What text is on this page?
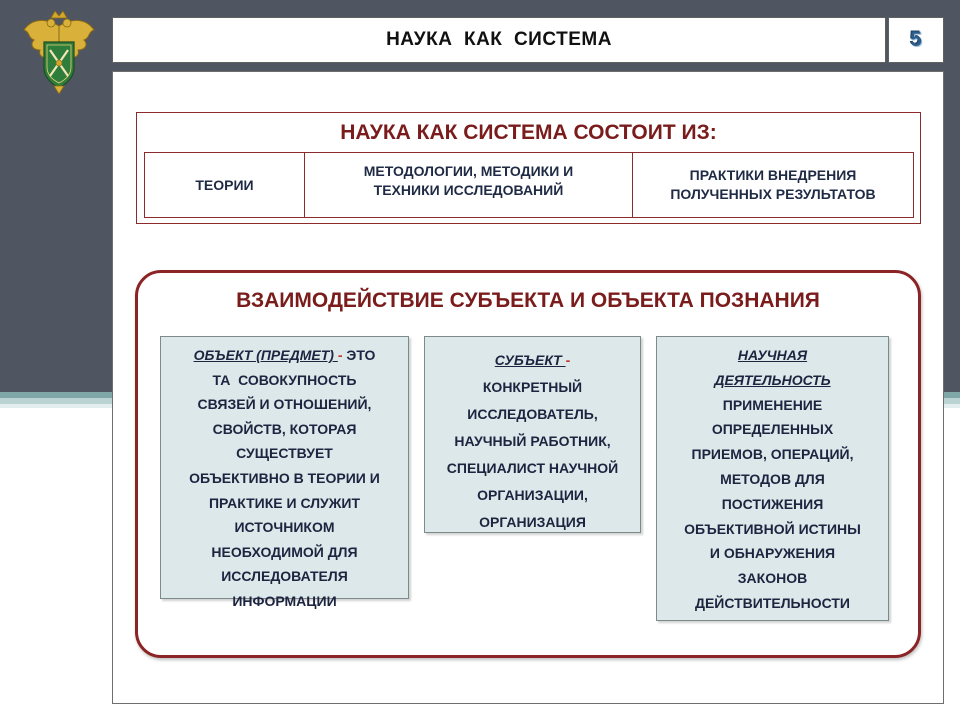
НАУКА  КАК  СИСТЕМА	5
НАУКА КАК СИСТЕМА СОСТОИТ ИЗ:
ТЕОРИИ
МЕТОДОЛОГИИ, МЕТОДИКИ И
ТЕХНИКИ ИССЛЕДОВАНИЙ
ПРАКТИКИ ВНЕДРЕНИЯ
ПОЛУЧЕННЫХ РЕЗУЛЬТАТОВ
ВЗАИМОДЕЙСТВИЕ СУБЪЕКТА И ОБЪЕКТА ПОЗНАНИЯ
ОБЪЕКТ (ПРЕДМЕТ) - ЭТО
ТА  СОВОКУПНОСТЬ
СВЯЗЕЙ И ОТНОШЕНИЙ,
СВОЙСТВ, КОТОРАЯ
СУЩЕСТВУЕТ
ОБЪЕКТИВНО В ТЕОРИИ И
ПРАКТИКЕ И СЛУЖИТ
ИСТОЧНИКОМ
НЕОБХОДИМОЙ ДЛЯ
ИССЛЕДОВАТЕЛЯ
ИНФОРМАЦИИ
СУБЪЕКТ -
КОНКРЕТНЫЙ
ИССЛЕДОВАТЕЛЬ,
НАУЧНЫЙ РАБОТНИК,
СПЕЦИАЛИСТ НАУЧНОЙ
ОРГАНИЗАЦИИ,
ОРГАНИЗАЦИЯ
НАУЧНАЯ
ДЕЯТЕЛЬНОСТЬ
ПРИМЕНЕНИЕ
ОПРЕДЕЛЕННЫХ
ПРИЕМОВ, ОПЕРАЦИЙ,
МЕТОДОВ ДЛЯ
ПОСТИЖЕНИЯ
ОБЪЕКТИВНОЙ ИСТИНЫ
И ОБНАРУЖЕНИЯ
ЗАКОНОВ
ДЕЙСТВИТЕЛЬНОСТИ
